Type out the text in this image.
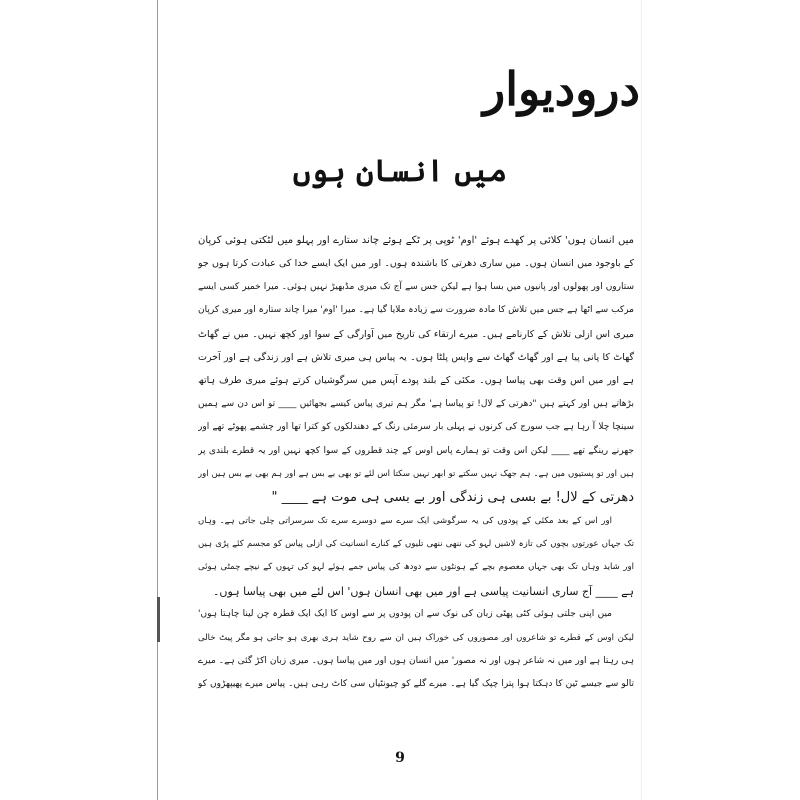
درودیوار
میں انسان ہوں
میں انسان ہوں' کلائی پر کھدے ہوئے 'اوم' ٹوپی پر ٹکے ہوئے چاند ستارے اور پہلو میں لٹکتی ہوئی کرپان
کے باوجود میں انسان ہوں۔ میں ساری دھرتی کا باشندہ ہوں۔ اور میں ایک ایسے خدا کی عبادت کرتا ہوں جو
ستاروں اور پھولوں اور پانیوں میں بسا ہوا ہے لیکن جس سے آج تک میری مڈبھیڑ نہیں ہوئی۔ میرا خمیر کسی ایسے
مرکب سے اٹھا ہے جس میں تلاش کا مادہ ضرورت سے زیادہ ملایا گیا ہے۔ میرا 'اوم' میرا چاند ستارہ اور میری کرپان
میری اس ازلی تلاش کے کارنامے ہیں۔ میرے ارتقاء کی تاریخ میں آوارگی کے سوا اور کچھ نہیں۔ میں نے گھاٹ
گھاٹ کا پانی پیا ہے اور گھاٹ گھاٹ سے واپس پلٹا ہوں۔ یہ پیاس ہی میری تلاش ہے اور زندگی ہے اور آخرت
ہے اور میں اس وقت بھی پیاسا ہوں۔ مکئی کے بلند پودے آپس میں سرگوشیاں کرتے ہوئے میری طرف ہاتھ
بڑھاتے ہیں اور کہتے ہیں "دھرتی کے لال! تو پیاسا ہے' مگر ہم تیری پیاس کیسے بجھائیں ____ تو اس دن سے ہمیں
سینچا چلا آ رہا ہے جب سورج کی کرنوں نے پہلی بار سرمئی رنگ کے دھندلکوں کو کترا تھا اور چشمے پھوٹے تھے اور
جھرنے رینگے تھے ____ لیکن اس وقت تو ہمارے پاس اوس کے چند قطروں کے سوا کچھ نہیں اور یہ قطرے بلندی پر
ہیں اور تو پستیوں میں ہے۔ ہم جھک نہیں سکتے تو ابھر نہیں سکتا اس لئے تو بھی بے بس ہے اور ہم بھی بے بس ہیں اور
دھرتی کے لال! بے بسی ہی زندگی اور بے بسی ہی موت ہے ____ "
اور اس کے بعد مکئی کے پودوں کی یہ سرگوشی ایک سرے سے دوسرے سرے تک سرسراتی چلی جاتی ہے۔ وہاں
تک جہاں عورتوں بچوں کی تازہ لاشیں لہو کی ننھی ننھی تلیوں کے کنارے انسانیت کی ازلی پیاس کو مجسم کئے پڑی ہیں
اور شاید وہاں تک بھی جہاں معصوم بچے کے ہونٹوں سے دودھ کی پیاس جمے ہوئے لہو کی تہوں کے نیچے چمٹی ہوئی
ہے ____ آج ساری انسانیت پیاسی ہے اور میں بھی انسان ہوں' اس لئے میں بھی پیاسا ہوں۔
میں اپنی جلتی ہوئی کٹی پھٹی زبان کی نوک سے ان پودوں پر سے اوس کا ایک ایک قطرہ چن لینا چاہتا ہوں'
لیکن اوس کے قطرے تو شاعروں اور مصوروں کی خوراک ہیں ان سے روح شاید ہری بھری ہو جاتی ہو مگر پیٹ خالی
ہی رہتا ہے اور میں نہ شاعر ہوں اور نہ مصور' میں انسان ہوں اور میں پیاسا ہوں۔ میری زبان اکڑ گئی ہے۔ میرے
تالو سے جیسے ٹین کا دہکتا ہوا پترا چپک گیا ہے۔ میرے گلے کو چیونٹیاں سی کاٹ رہی ہیں۔ پیاس میرے پھیپھڑوں کو
9
